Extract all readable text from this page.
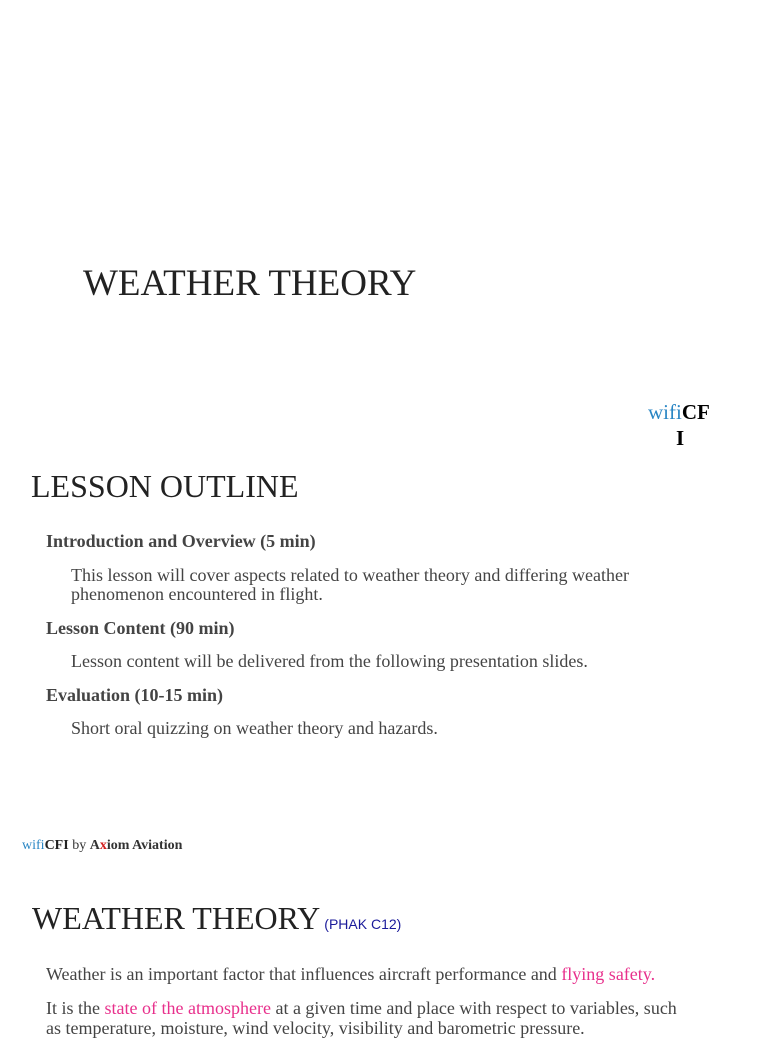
WEATHER THEORY
wifiCF
I
LESSON OUTLINE
Introduction and Overview (5 min)
This lesson will cover aspects related to weather theory and differing weather phenomenon encountered in flight.
Lesson Content (90 min)
Lesson content will be delivered from the following presentation slides.
Evaluation (10-15 min)
Short oral quizzing on weather theory and hazards.
wifiCFI by Axiom Aviation
WEATHER THEORY (PHAK C12)
Weather is an important factor that influences aircraft performance and flying safety.
It is the state of the atmosphere at a given time and place with respect to variables, such
as temperature, moisture, wind velocity, visibility and barometric pressure.
